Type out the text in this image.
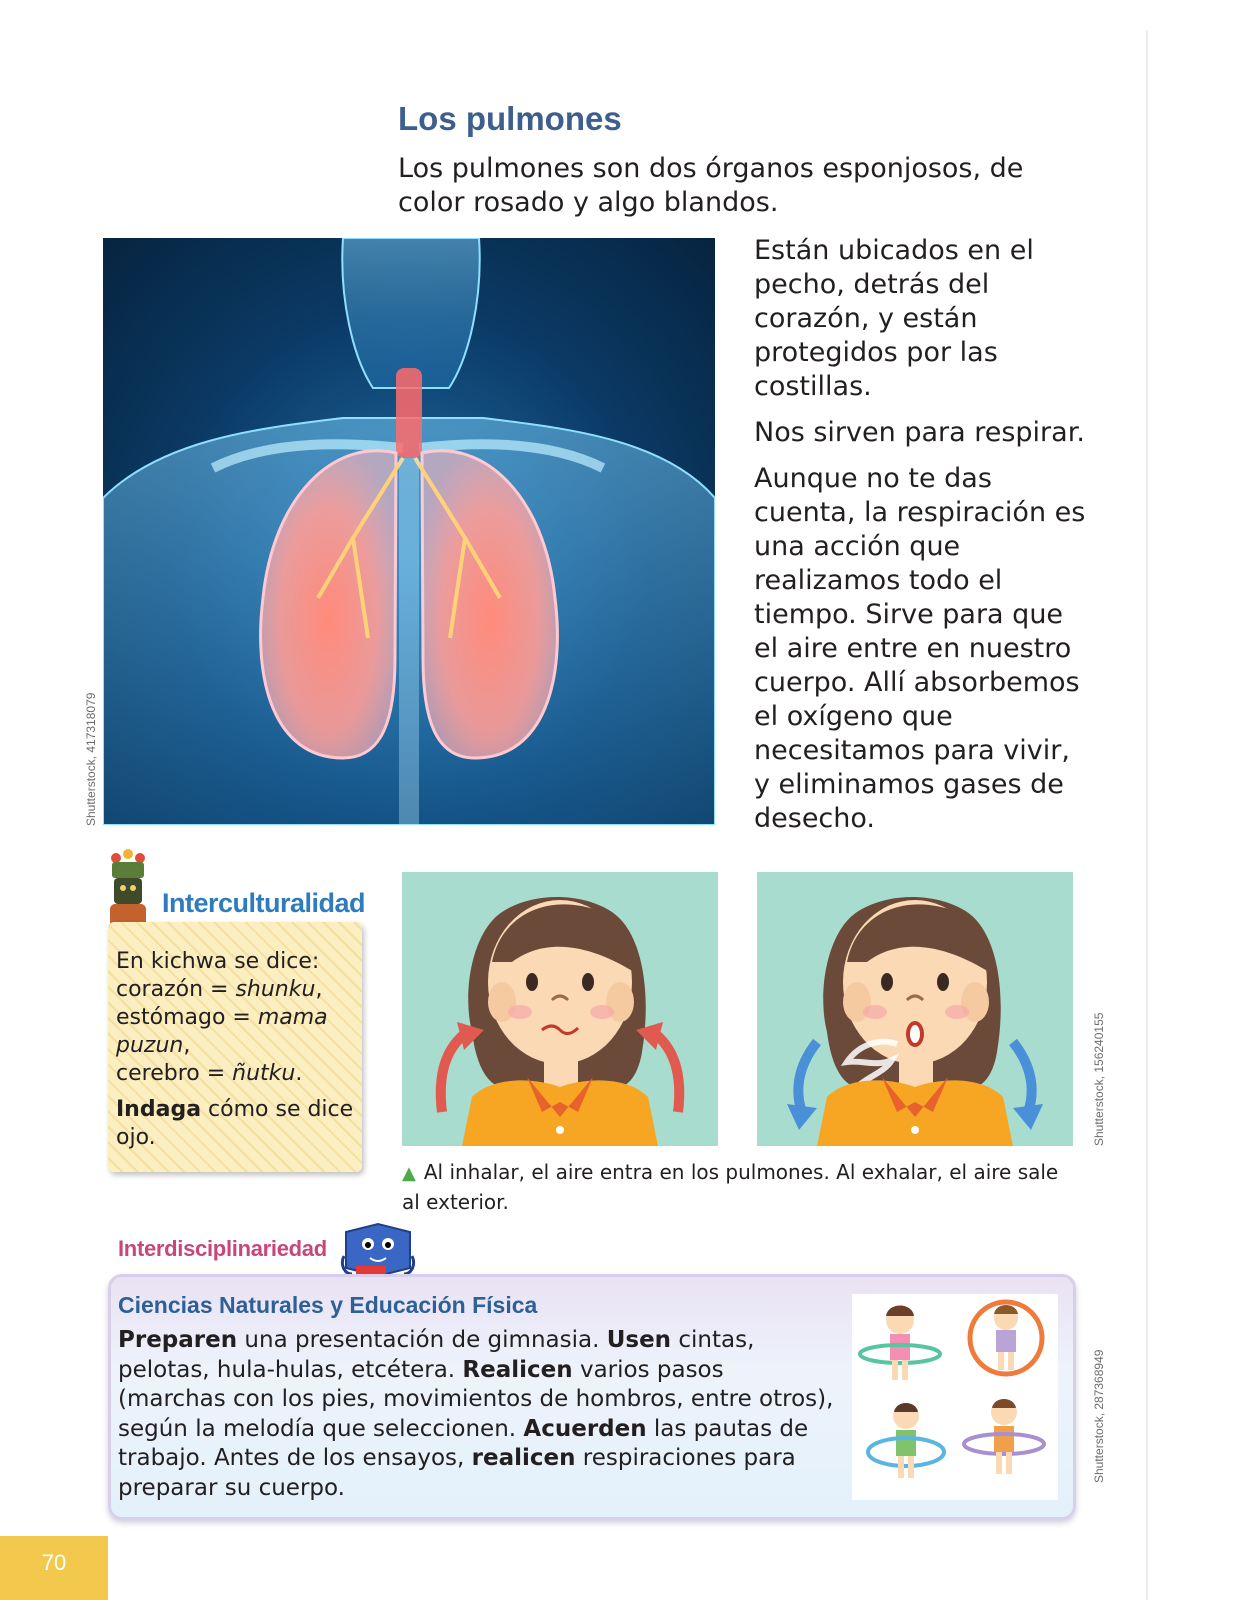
Los pulmones
Los pulmones son dos órganos esponjosos, de color rosado y algo blandos.

Están ubicados en el pecho, detrás del corazón, y están protegidos por las costillas.

Nos sirven para respirar.

Aunque no te das cuenta, la respiración es una acción que realizamos todo el tiempo. Sirve para que el aire entre en nuestro cuerpo. Allí absorbemos el oxígeno que necesitamos para vivir, y eliminamos gases de desecho.

Shutterstock, 417318079
Interculturalidad

En kichwa se dice:
corazón = shunku,
estómago = mama puzun,
cerebro = ñutku.

Indaga cómo se dice ojo.	Shutterstock, 156240155
▲ Al inhalar, el aire entra en los pulmones. Al exhalar, el aire sale al exterior.
Interdisciplinariedad
Ciencias Naturales y Educación Física
Preparen una presentación de gimnasia. Usen cintas, pelotas, hula-hulas, etcétera. Realicen varios pasos (marchas con los pies, movimientos de hombros, entre otros), según la melodía que seleccionen. Acuerden las pautas de trabajo. Antes de los ensayos, realicen respiraciones para preparar su cuerpo.
Shutterstock, 287368949
70
